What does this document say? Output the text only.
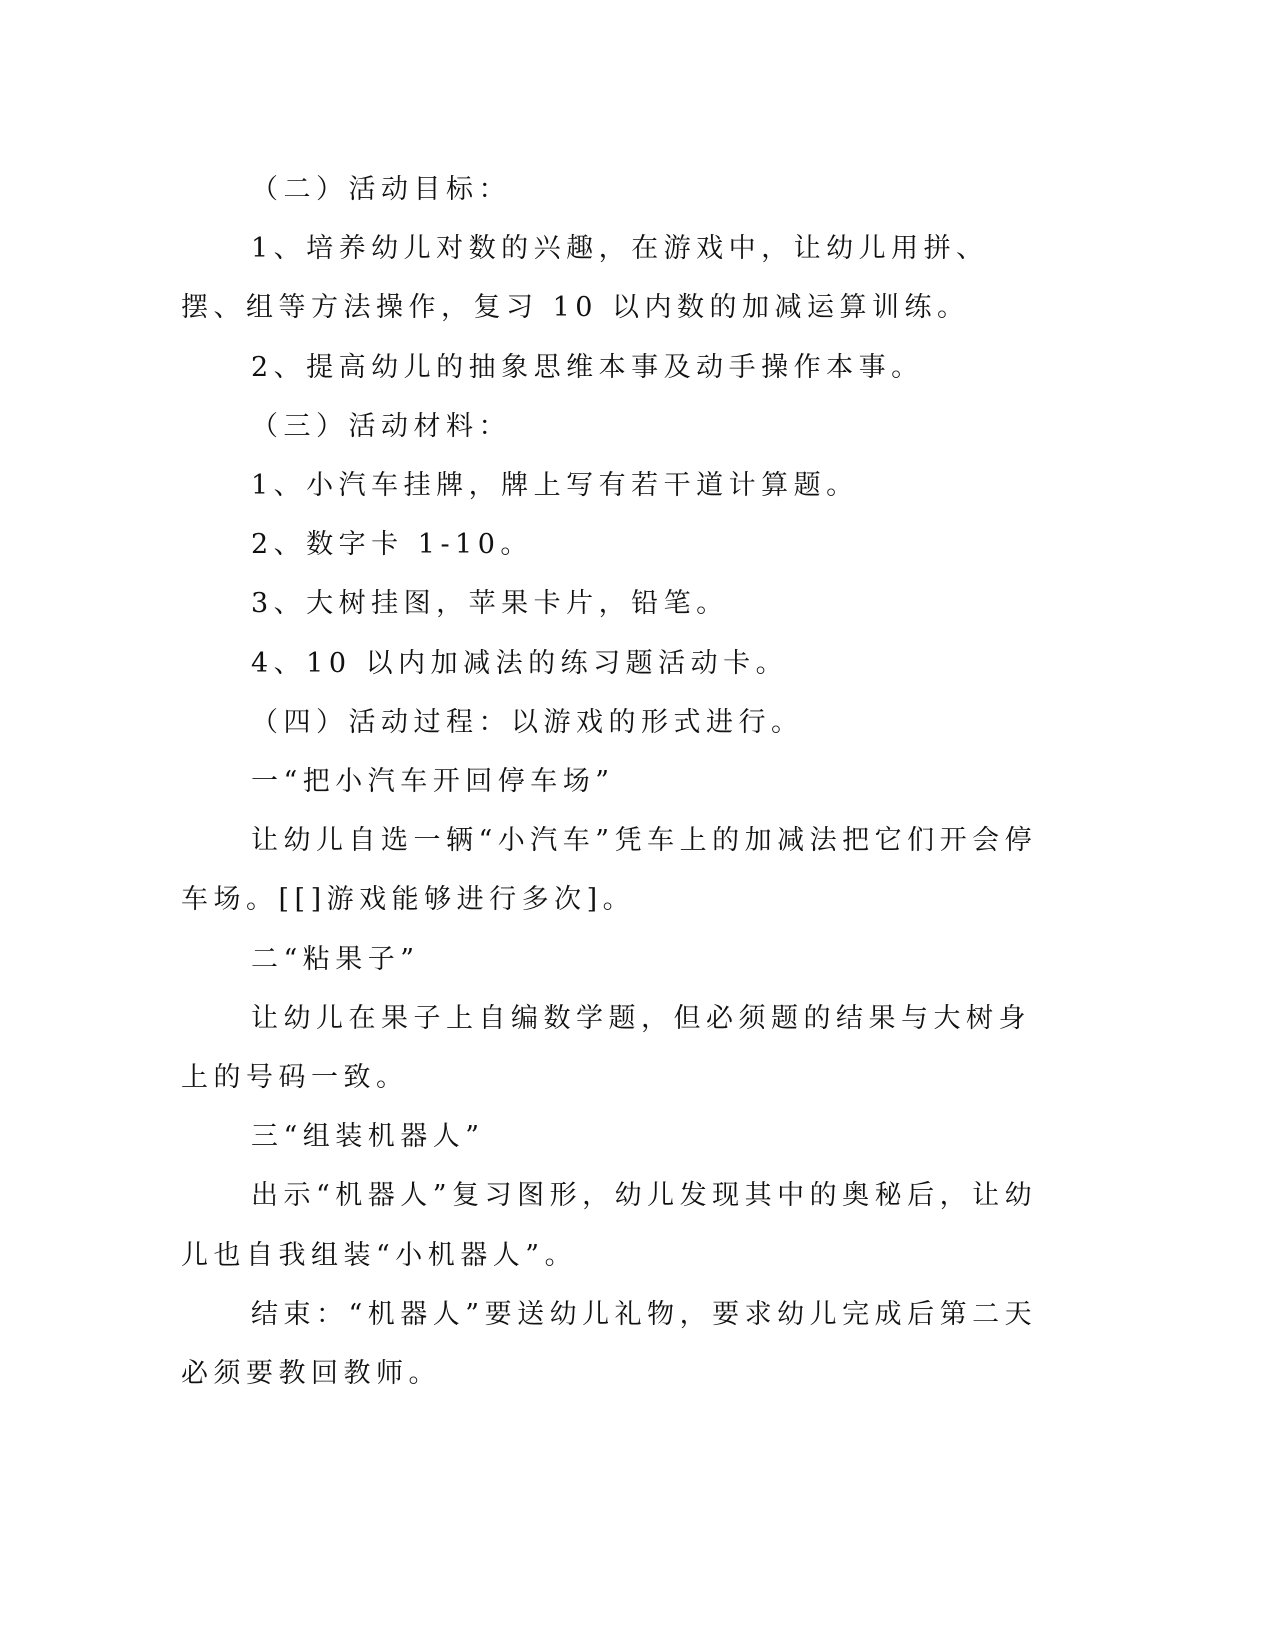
（二）活动目标：

1、培养幼儿对数的兴趣，在游戏中，让幼儿用拼、摆、组等方法操作，复习 10 以内数的加减运算训练。

2、提高幼儿的抽象思维本事及动手操作本事。

（三）活动材料：

1、小汽车挂牌，牌上写有若干道计算题。

2、数字卡 1-10。

3、大树挂图，苹果卡片，铅笔。

4、10 以内加减法的练习题活动卡。

（四）活动过程：以游戏的形式进行。

一“把小汽车开回停车场”

让幼儿自选一辆“小汽车”凭车上的加减法把它们开会停车场。[[]游戏能够进行多次]。

二“粘果子”

让幼儿在果子上自编数学题，但必须题的结果与大树身上的号码一致。

三“组装机器人”

出示“机器人”复习图形，幼儿发现其中的奥秘后，让幼儿也自我组装“小机器人”。

结束：“机器人”要送幼儿礼物，要求幼儿完成后第二天必须要教回教师。
